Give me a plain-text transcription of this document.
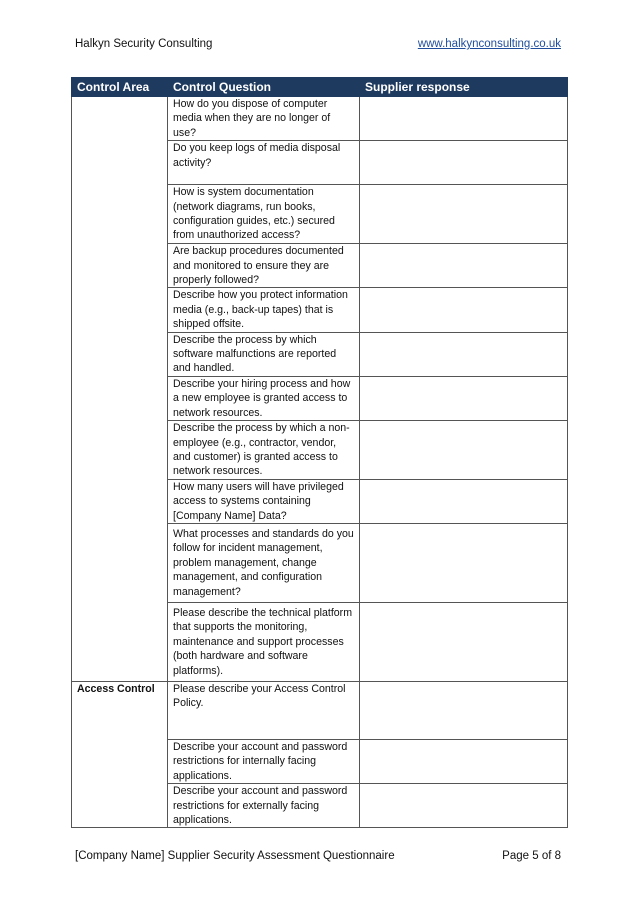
Halkyn Security Consulting	www.halkynconsulting.co.uk
Control Area	Control Question	Supplier response
	How do you dispose of computer media when they are no longer of use?	
	Do you keep logs of media disposal activity?	
	How is system documentation (network diagrams, run books, configuration guides, etc.) secured from unauthorized access?	
	Are backup procedures documented and monitored to ensure they are properly followed?	
	Describe how you protect information media (e.g., back-up tapes) that is shipped offsite.	
	Describe the process by which software malfunctions are reported and handled.	
	Describe your hiring process and how a new employee is granted access to network resources.	
	Describe the process by which a non-employee (e.g., contractor, vendor, and customer) is granted access to network resources.	
	How many users will have privileged access to systems containing [Company Name] Data?	
	What processes and standards do you follow for incident management, problem management, change management, and configuration management?	
	Please describe the technical platform that supports the monitoring, maintenance and support processes (both hardware and software platforms).	
Access Control	Please describe your Access Control Policy.	
	Describe your account and password restrictions for internally facing applications.	
	Describe your account and password restrictions for externally facing applications.	
[Company Name] Supplier Security Assessment Questionnaire	Page 5 of 8
